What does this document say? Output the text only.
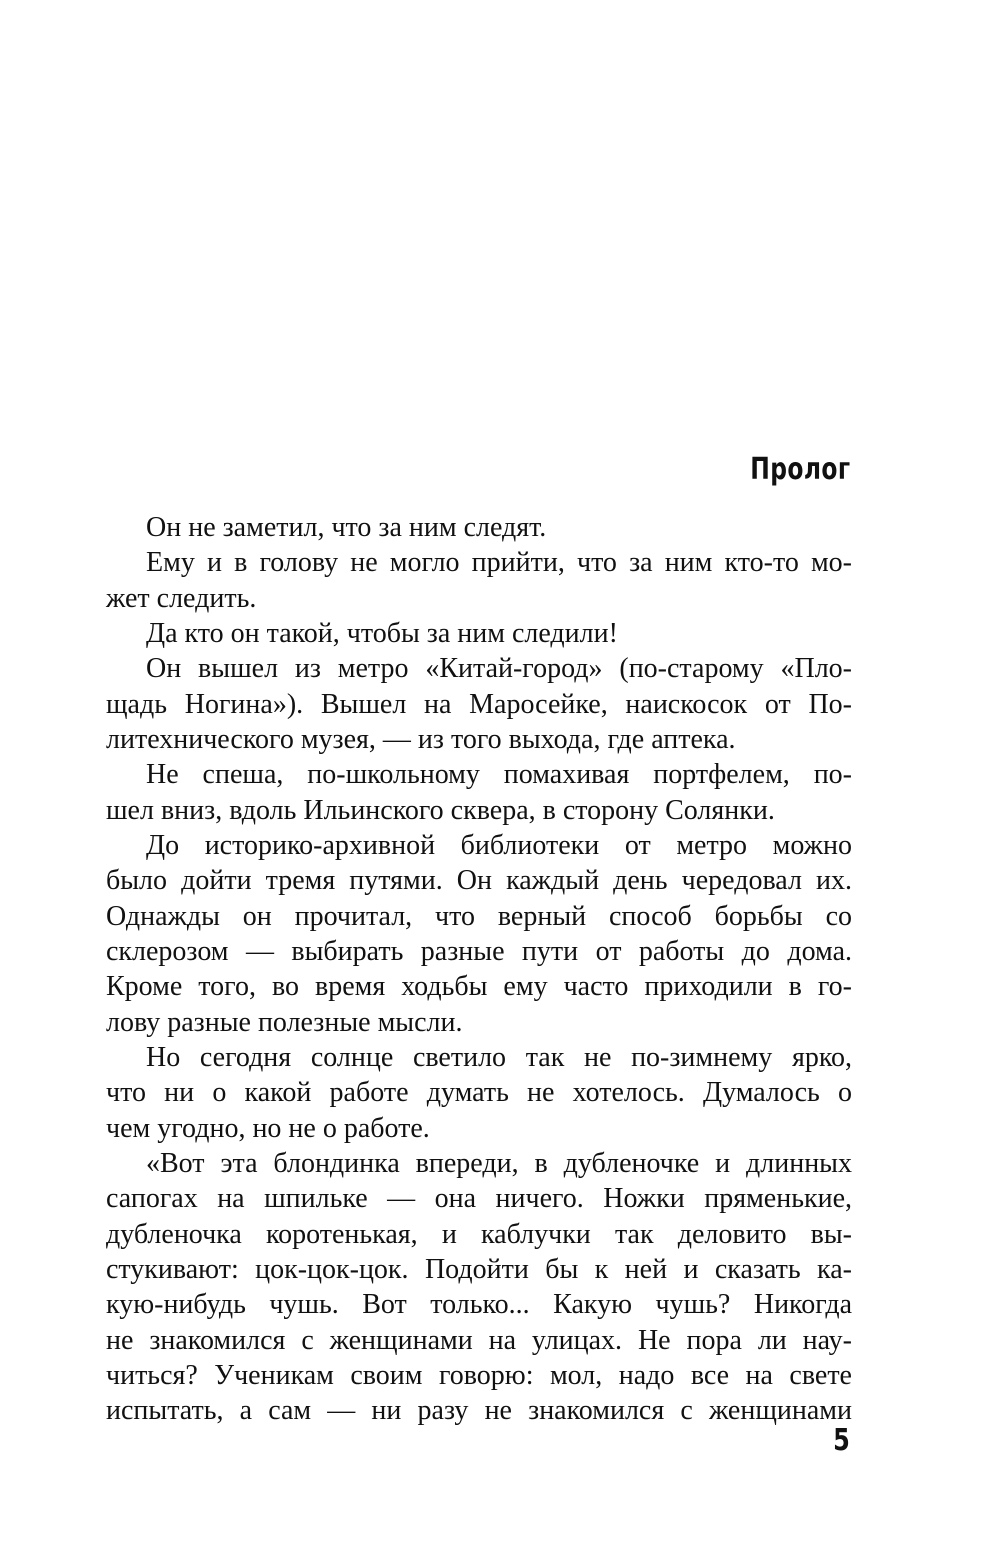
Пролог
Он не заметил, что за ним следят.
Ему и в голову не могло прийти, что за ним кто-то мо-
жет следить.
Да кто он такой, чтобы за ним следили!
Он вышел из метро «Китай-город» (по-старому «Пло-
щадь Ногина»). Вышел на Маросейке, наискосок от По-
литехнического музея, — из того выхода, где аптека.
Не спеша, по-школьному помахивая портфелем, по-
шел вниз, вдоль Ильинского сквера, в сторону Солянки.
До историко-архивной библиотеки от метро можно
было дойти тремя путями. Он каждый день чередовал их.
Однажды он прочитал, что верный способ борьбы со
склерозом — выбирать разные пути от работы до дома.
Кроме того, во время ходьбы ему часто приходили в го-
лову разные полезные мысли.
Но сегодня солнце светило так не по-зимнему ярко,
что ни о какой работе думать не хотелось. Думалось о
чем угодно, но не о работе.
«Вот эта блондинка впереди, в дубленочке и длинных
сапогах на шпильке — она ничего. Ножки пряменькие,
дубленочка коротенькая, и каблучки так деловито вы-
стукивают: цок-цок-цок. Подойти бы к ней и сказать ка-
кую-нибудь чушь. Вот только... Какую чушь? Никогда
не знакомился с женщинами на улицах. Не пора ли нау-
читься? Ученикам своим говорю: мол, надо все на свете
испытать, а сам — ни разу не знакомился с женщинами
5
